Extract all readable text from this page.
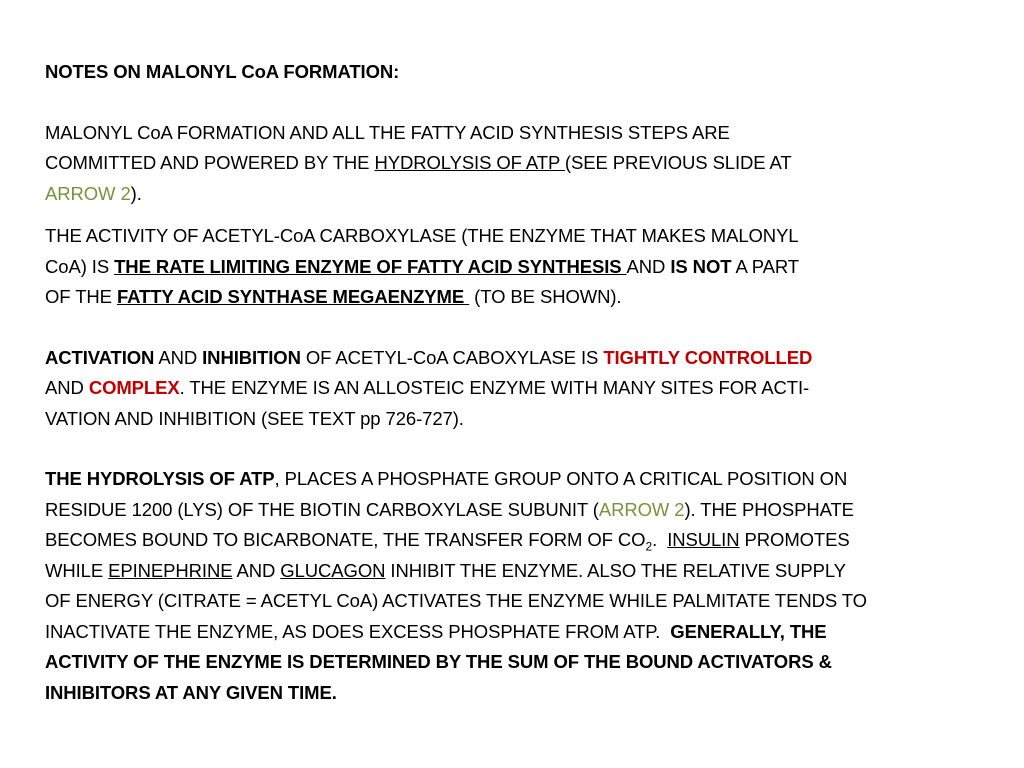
NOTES ON MALONYL CoA FORMATION:

MALONYL CoA FORMATION AND ALL THE FATTY ACID SYNTHESIS STEPS ARE
COMMITTED AND POWERED BY THE HYDROLYSIS OF ATP (SEE PREVIOUS SLIDE AT
ARROW 2).

THE ACTIVITY OF ACETYL-CoA CARBOXYLASE (THE ENZYME THAT MAKES MALONYL
CoA) IS THE RATE LIMITING ENZYME OF FATTY ACID SYNTHESIS AND IS NOT A PART
OF THE FATTY ACID SYNTHASE MEGAENZYME  (TO BE SHOWN).

ACTIVATION AND INHIBITION OF ACETYL-CoA CABOXYLASE IS TIGHTLY CONTROLLED
AND COMPLEX. THE ENZYME IS AN ALLOSTEIC ENZYME WITH MANY SITES FOR ACTI-
VATION AND INHIBITION (SEE TEXT pp 726-727).

THE HYDROLYSIS OF ATP, PLACES A PHOSPHATE GROUP ONTO A CRITICAL POSITION ON
RESIDUE 1200 (LYS) OF THE BIOTIN CARBOXYLASE SUBUNIT (ARROW 2). THE PHOSPHATE
BECOMES BOUND TO BICARBONATE, THE TRANSFER FORM OF $CO_2$.  INSULIN PROMOTES
WHILE EPINEPHRINE AND GLUCAGON INHIBIT THE ENZYME. ALSO THE RELATIVE SUPPLY
OF ENERGY (CITRATE = ACETYL CoA) ACTIVATES THE ENZYME WHILE PALMITATE TENDS TO
INACTIVATE THE ENZYME, AS DOES EXCESS PHOSPHATE FROM ATP.  GENERALLY, THE
ACTIVITY OF THE ENZYME IS DETERMINED BY THE SUM OF THE BOUND ACTIVATORS &
INHIBITORS AT ANY GIVEN TIME.
